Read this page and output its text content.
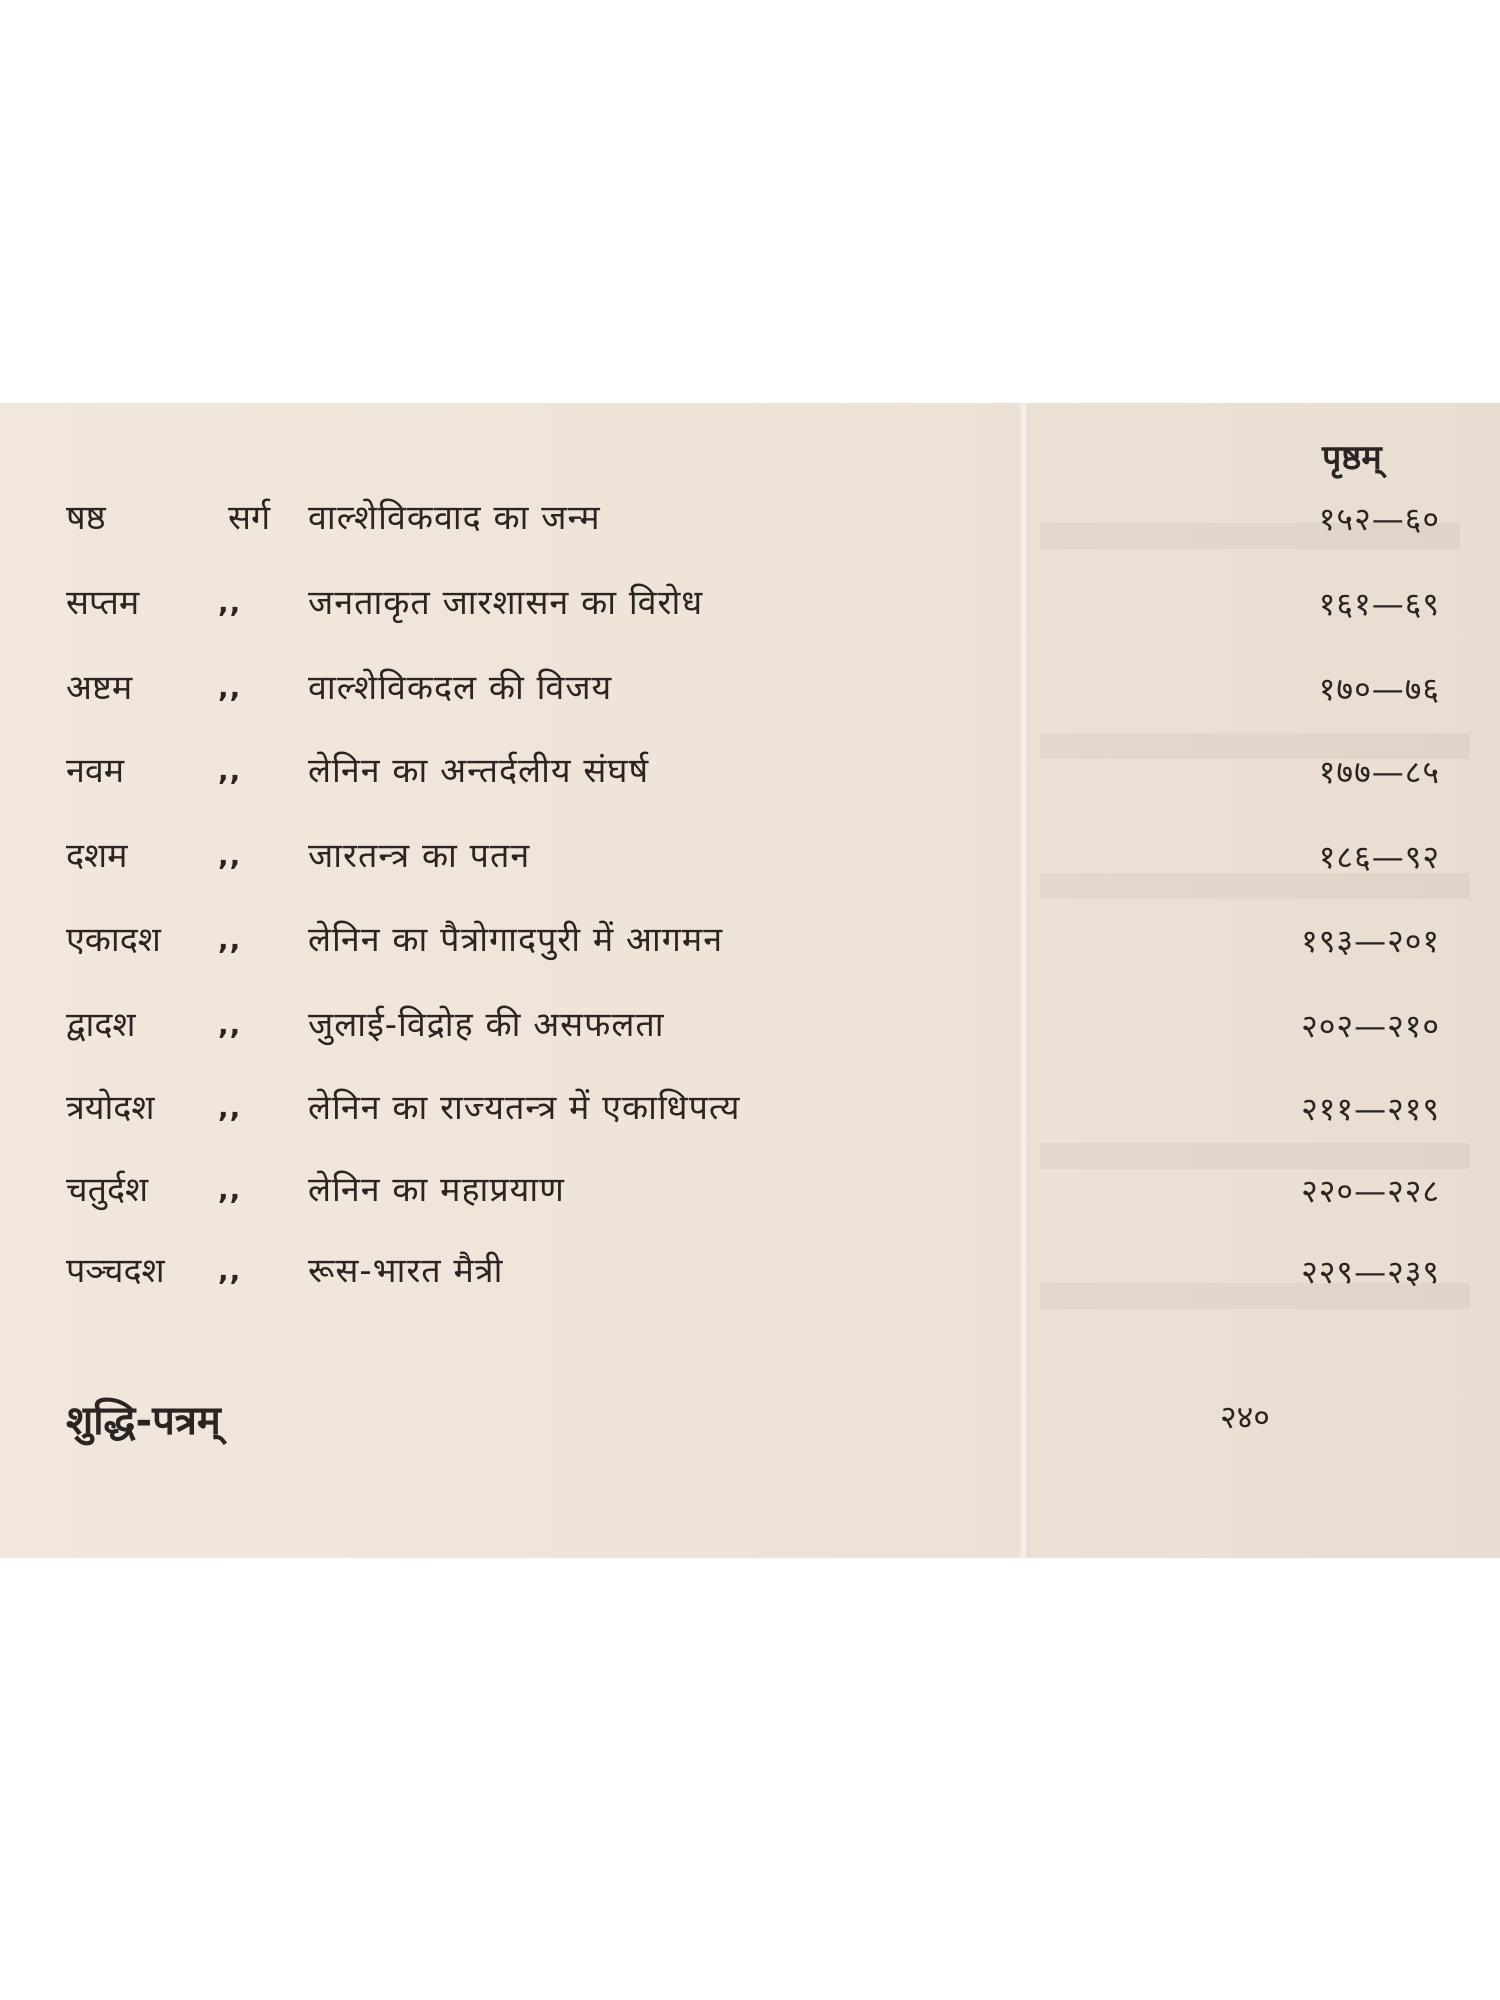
पृष्ठम्
षष्ठ	सर्ग वाल्शेविकवाद का जन्म	१५२—६०
सप्तम	,, जनताकृत जारशासन का विरोध	१६१—६९
अष्टम	,, वाल्शेविकदल की विजय	१७०—७६
नवम	,, लेनिन का अन्तर्दलीय संघर्ष	१७७—८५
दशम	,, जारतन्त्र का पतन	१८६—९२
एकादश ,, लेनिन का पैत्रोगादपुरी में आगमन	१९३—२०१
द्वादश	,, जुलाई-विद्रोह की असफलता	२०२—२१०
त्रयोदश ,, लेनिन का राज्यतन्त्र में एकाधिपत्य	२११—२१९
चतुर्दश ,, लेनिन का महाप्रयाण	२२०—२२८
पञ्चदश ,, रूस-भारत मैत्री	२२९—२३९
शुद्धि-पत्रम्	२४०
